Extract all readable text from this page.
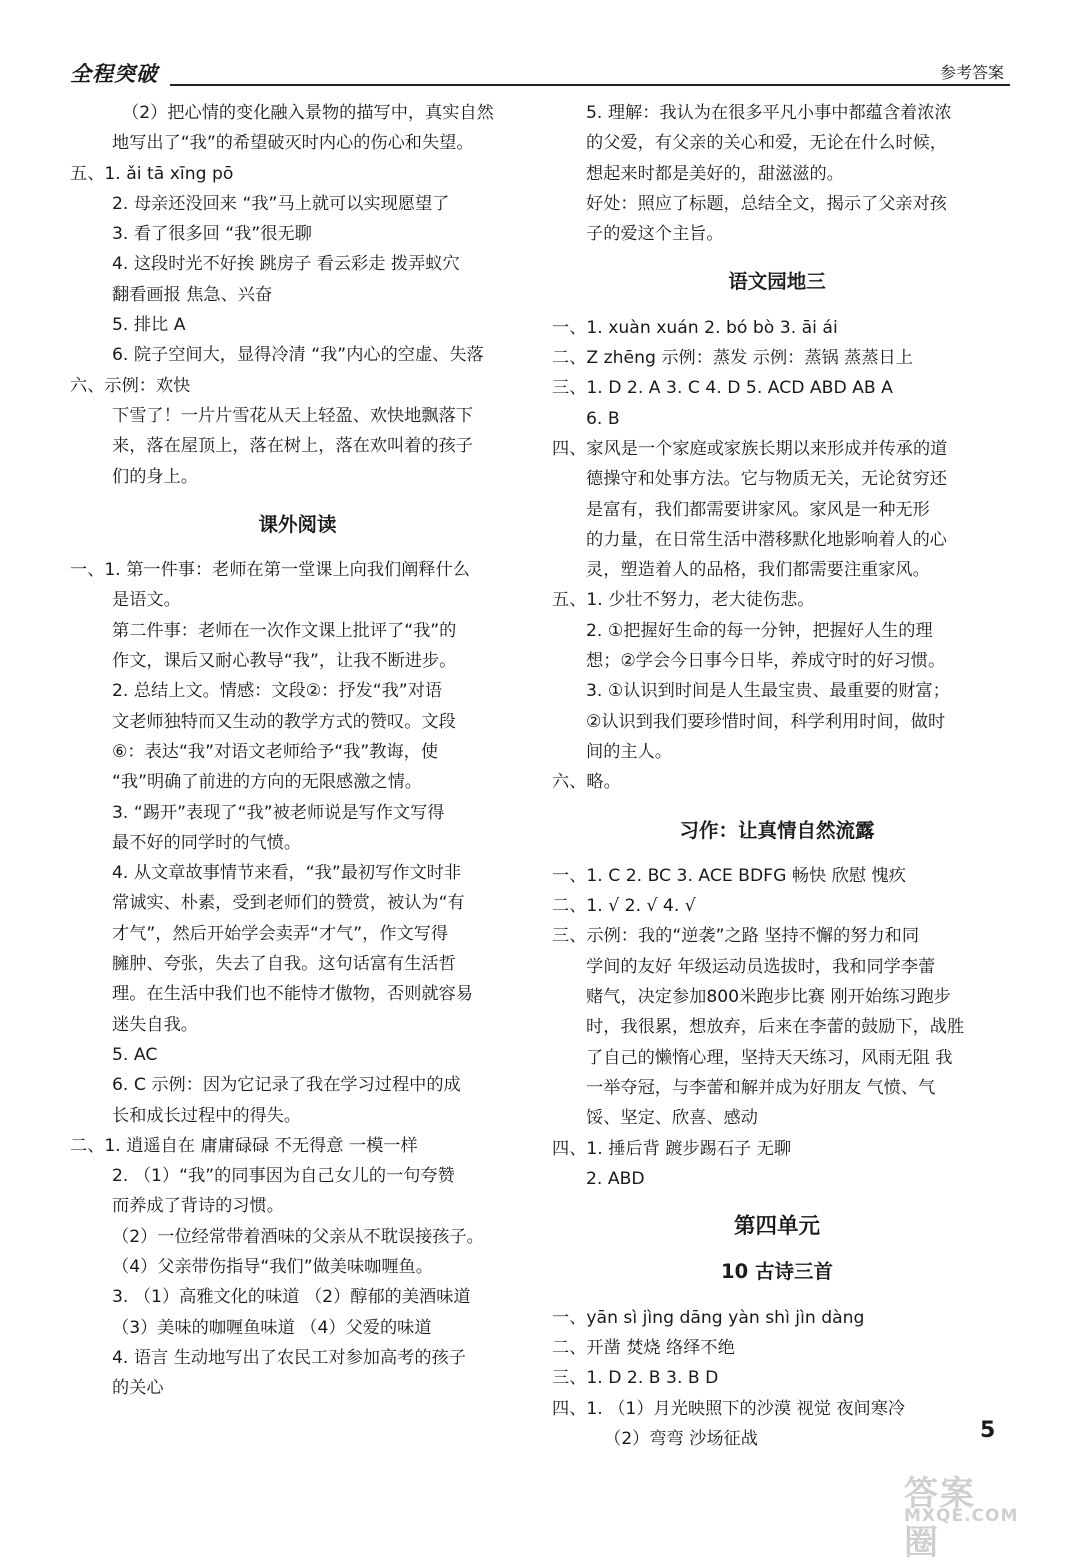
全程突破	参考答案
（2）把心情的变化融入景物的描写中，真实自然
地写出了“我”的希望破灭时内心的伤心和失望。
五、1. ǎi tā xīng pō
2. 母亲还没回来 “我”马上就可以实现愿望了
3. 看了很多回 “我”很无聊
4. 这段时光不好挨 跳房子 看云彩走 拨弄蚁穴
翻看画报 焦急、兴奋
5. 排比 A
6. 院子空间大，显得冷清 “我”内心的空虚、失落
六、示例：欢快
下雪了！一片片雪花从天上轻盈、欢快地飘落下
来，落在屋顶上，落在树上，落在欢叫着的孩子
们的身上。
课外阅读
一、1. 第一件事：老师在第一堂课上向我们阐释什么
是语文。
第二件事：老师在一次作文课上批评了“我”的
作文，课后又耐心教导“我”，让我不断进步。
2. 总结上文。情感：文段②：抒发“我”对语
文老师独特而又生动的教学方式的赞叹。文段
⑥：表达“我”对语文老师给予“我”教诲，使
“我”明确了前进的方向的无限感激之情。
3. “踢开”表现了“我”被老师说是写作文写得
最不好的同学时的气愤。
4. 从文章故事情节来看，“我”最初写作文时非
常诚实、朴素，受到老师们的赞赏，被认为“有
才气”，然后开始学会卖弄“才气”，作文写得
臃肿、夸张，失去了自我。这句话富有生活哲
理。在生活中我们也不能恃才傲物，否则就容易
迷失自我。
5. AC
6. C 示例：因为它记录了我在学习过程中的成
长和成长过程中的得失。
二、1. 逍遥自在 庸庸碌碌 不无得意 一模一样
2. （1）“我”的同事因为自己女儿的一句夸赞
而养成了背诗的习惯。
（2）一位经常带着酒味的父亲从不耽误接孩子。
（4）父亲带伤指导“我们”做美味咖喱鱼。
3. （1）高雅文化的味道 （2）醇郁的美酒味道
（3）美味的咖喱鱼味道 （4）父爱的味道
4. 语言 生动地写出了农民工对参加高考的孩子
的关心
5. 理解：我认为在很多平凡小事中都蕴含着浓浓
的父爱，有父亲的关心和爱，无论在什么时候，
想起来时都是美好的，甜滋滋的。
好处：照应了标题，总结全文，揭示了父亲对孩
子的爱这个主旨。
语文园地三
一、1. xuàn xuán 2. bó bò 3. āi ái
二、Z zhēng 示例：蒸发 示例：蒸锅 蒸蒸日上
三、1. D 2. A 3. C 4. D 5. ACD ABD AB A
6. B
四、家风是一个家庭或家族长期以来形成并传承的道
德操守和处事方法。它与物质无关，无论贫穷还
是富有，我们都需要讲家风。家风是一种无形
的力量，在日常生活中潜移默化地影响着人的心
灵，塑造着人的品格，我们都需要注重家风。
五、1. 少壮不努力，老大徒伤悲。
2. ①把握好生命的每一分钟，把握好人生的理
想；②学会今日事今日毕，养成守时的好习惯。
3. ①认识到时间是人生最宝贵、最重要的财富；
②认识到我们要珍惜时间，科学利用时间，做时
间的主人。
六、略。
习作：让真情自然流露
一、1. C 2. BC 3. ACE BDFG 畅快 欣慰 愧疚
二、1. √ 2. √ 4. √
三、示例：我的“逆袭”之路 坚持不懈的努力和同
学间的友好 年级运动员选拔时，我和同学李蕾
赌气，决定参加800米跑步比赛 刚开始练习跑步
时，我很累，想放弃，后来在李蕾的鼓励下，战胜
了自己的懒惰心理，坚持天天练习，风雨无阻 我
一举夺冠，与李蕾和解并成为好朋友 气愤、气
馁、坚定、欣喜、感动
四、1. 捶后背 踱步踢石子 无聊
2. ABD
第四单元
10 古诗三首
一、yān sì jìng dāng yàn shì jìn dàng
二、开凿 焚烧 络绎不绝
三、1. D 2. B 3. B D
四、1. （1）月光映照下的沙漠 视觉 夜间寒冷
（2）弯弯 沙场征战	5
答案圈
MXQE.COM
